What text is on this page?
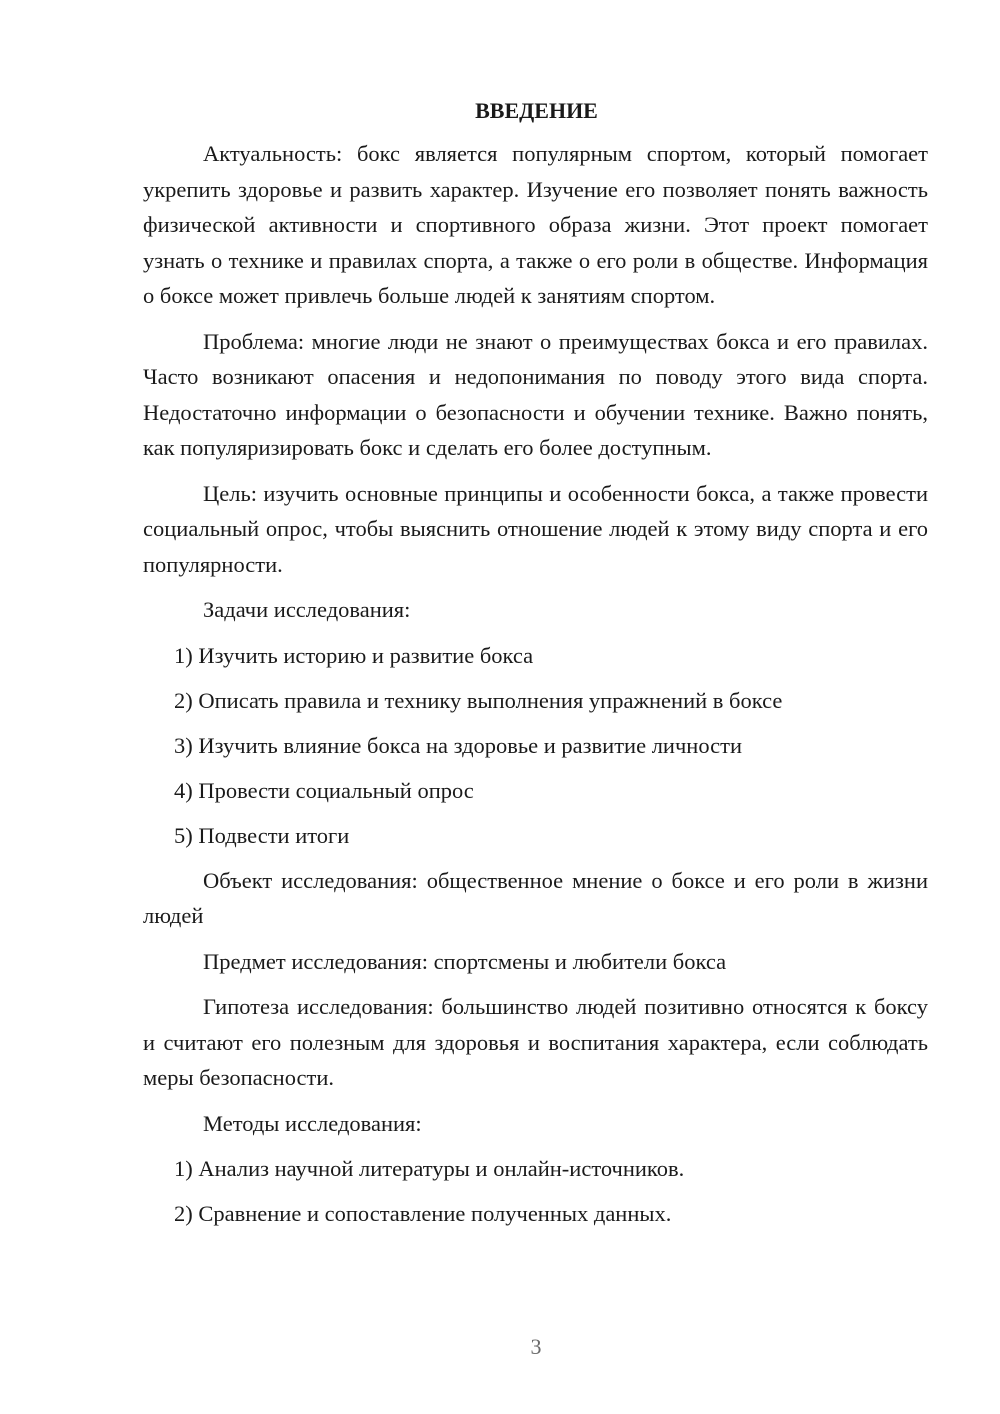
ВВЕДЕНИЕ

Актуальность: бокс является популярным спортом, который помогает укрепить здоровье и развить характер. Изучение его позволяет понять важность физической активности и спортивного образа жизни. Этот проект помогает узнать о технике и правилах спорта, а также о его роли в обществе. Информация о боксе может привлечь больше людей к занятиям спортом.

Проблема: многие люди не знают о преимуществах бокса и его правилах. Часто возникают опасения и недопонимания по поводу этого вида спорта. Недостаточно информации о безопасности и обучении технике. Важно понять, как популяризировать бокс и сделать его более доступным.

Цель: изучить основные принципы и особенности бокса, а также провести социальный опрос, чтобы выяснить отношение людей к этому виду спорта и его популярности.

Задачи исследования:

1) Изучить историю и развитие бокса

2) Описать правила и технику выполнения упражнений в боксе

3) Изучить влияние бокса на здоровье и развитие личности

4) Провести социальный опрос

5) Подвести итоги

Объект исследования: общественное мнение о боксе и его роли в жизни людей

Предмет исследования: спортсмены и любители бокса

Гипотеза исследования: большинство людей позитивно относятся к боксу и считают его полезным для здоровья и воспитания характера, если соблюдать меры безопасности.

Методы исследования:

1) Анализ научной литературы и онлайн-источников.

2) Сравнение и сопоставление полученных данных.

3
